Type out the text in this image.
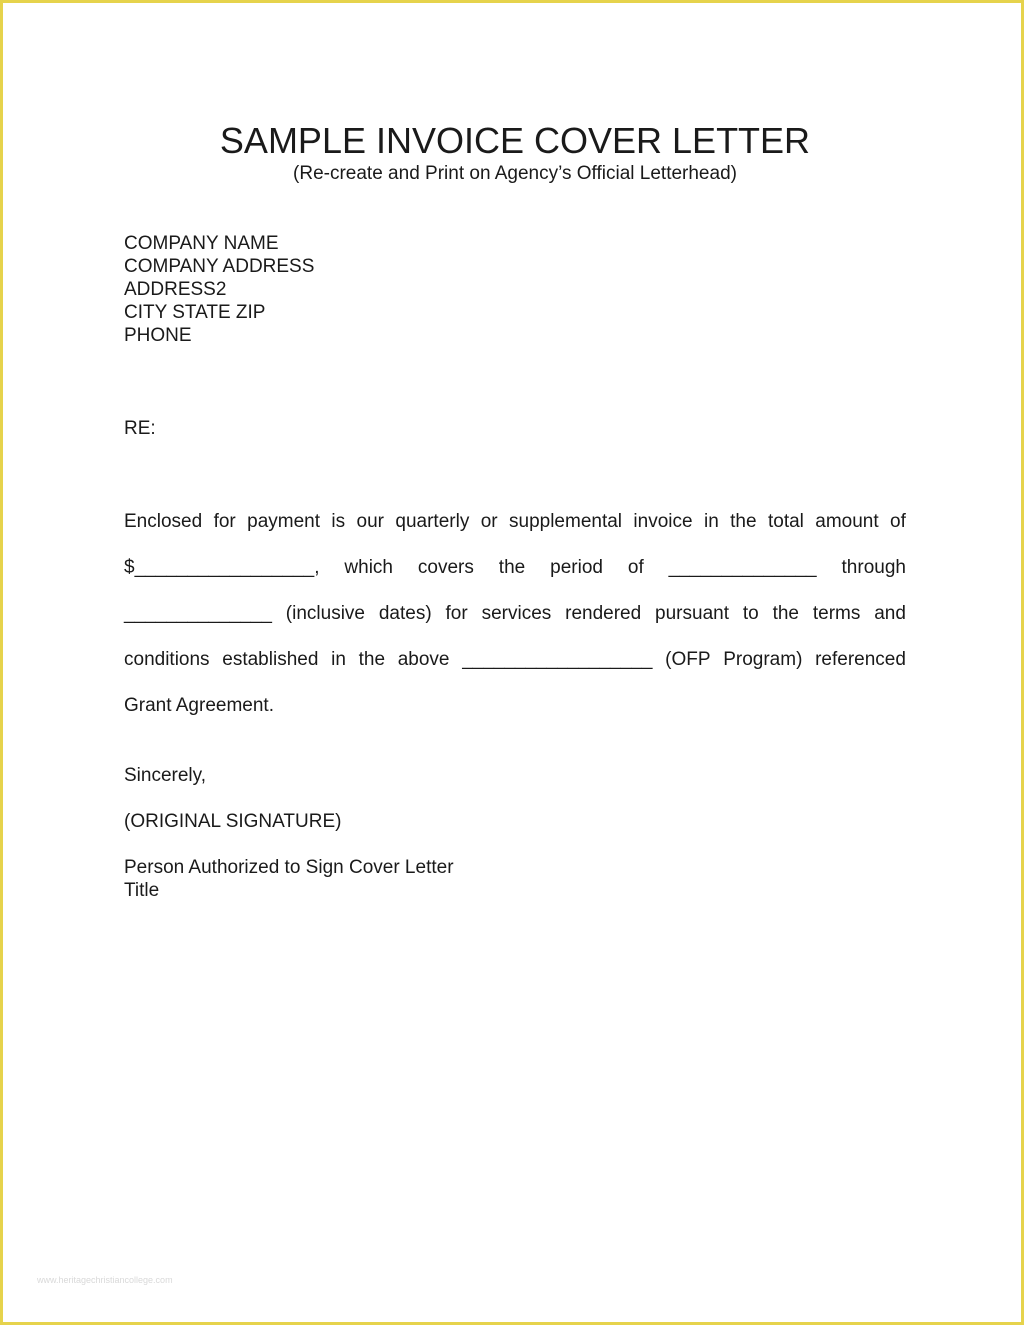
SAMPLE INVOICE COVER LETTER
(Re-create and Print on Agency’s Official Letterhead)
COMPANY NAME
COMPANY ADDRESS
ADDRESS2
CITY STATE ZIP
PHONE
RE:
Enclosed for payment is our quarterly or supplemental invoice in the total amount of
$_________________, which covers the period of ______________ through
______________ (inclusive dates) for services rendered pursuant to the terms and
conditions established in the above __________________ (OFP Program) referenced
Grant Agreement.
Sincerely,
(ORIGINAL SIGNATURE)
Person Authorized to Sign Cover Letter
Title
www.heritagechristiancollege.com
